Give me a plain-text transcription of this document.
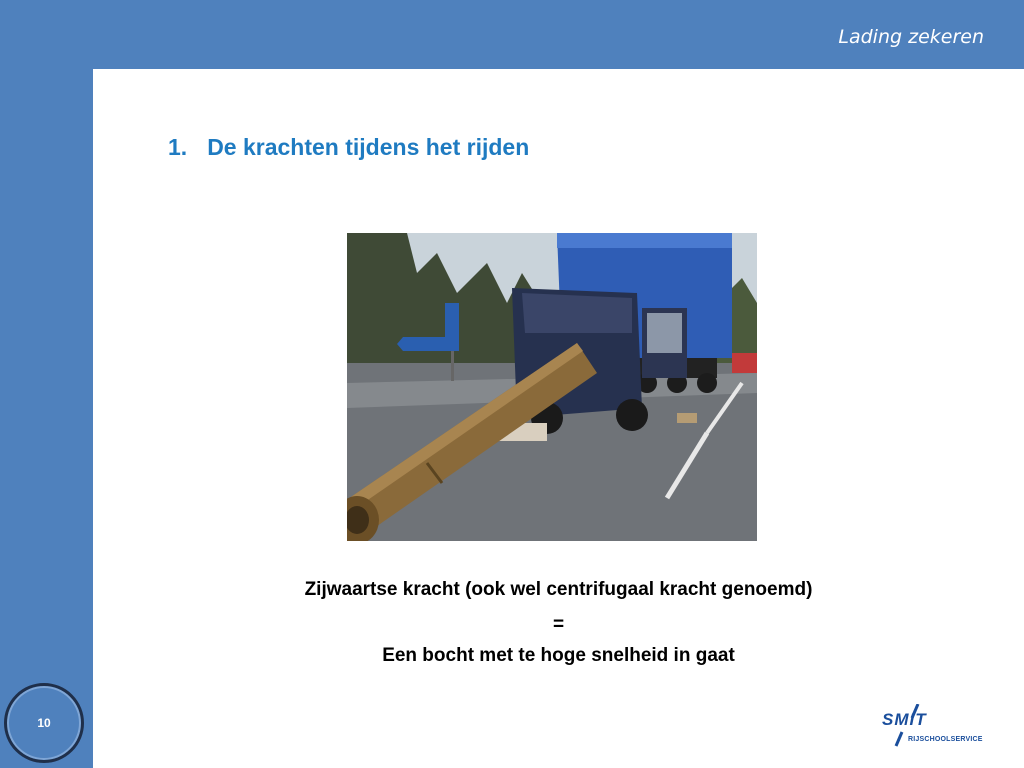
Lading zekeren
1. De krachten tijdens het rijden
Zijwaartse kracht (ook wel centrifugaal kracht genoemd)
=
Een bocht met te hoge snelheid in gaat
10	SMIT
RIJSCHOOLSERVICE
